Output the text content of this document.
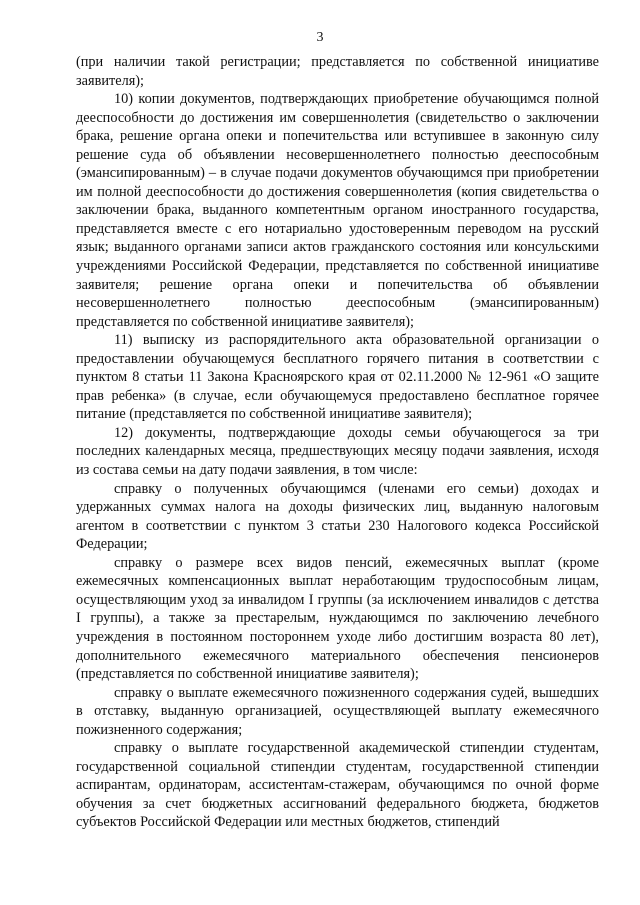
3

(при наличии такой регистрации; представляется по собственной инициативе заявителя);

10) копии документов, подтверждающих приобретение обучающимся полной дееспособности до достижения им совершеннолетия (свидетельство о заключении брака, решение органа опеки и попечительства или вступившее в законную силу решение суда об объявлении несовершеннолетнего полностью дееспособным (эмансипированным) – в случае подачи документов обучающимся при приобретении им полной дееспособности до достижения совершеннолетия (копия свидетельства о заключении брака, выданного компетентным органом иностранного государства, представляется вместе с его нотариально удостоверенным переводом на русский язык; выданного органами записи актов гражданского состояния или консульскими учреждениями Российской Федерации, представляется по собственной инициативе заявителя; решение органа опеки и попечительства об объявлении несовершеннолетнего полностью дееспособным (эмансипированным) представляется по собственной инициативе заявителя);

11) выписку из распорядительного акта образовательной организации о предоставлении обучающемуся бесплатного горячего питания в соответствии с пунктом 8 статьи 11 Закона Красноярского края от 02.11.2000 № 12-961 «О защите прав ребенка» (в случае, если обучающемуся предоставлено бесплатное горячее питание (представляется по собственной инициативе заявителя);

12) документы, подтверждающие доходы семьи обучающегося за три последних календарных месяца, предшествующих месяцу подачи заявления, исходя из состава семьи на дату подачи заявления, в том числе:

справку о полученных обучающимся (членами его семьи) доходах и удержанных суммах налога на доходы физических лиц, выданную налоговым агентом в соответствии с пунктом 3 статьи 230 Налогового кодекса Российской Федерации;

справку о размере всех видов пенсий, ежемесячных выплат (кроме ежемесячных компенсационных выплат неработающим трудоспособным лицам, осуществляющим уход за инвалидом I группы (за исключением инвалидов с детства I группы), а также за престарелым, нуждающимся по заключению лечебного учреждения в постоянном постороннем уходе либо достигшим возраста 80 лет), дополнительного ежемесячного материального обеспечения пенсионеров (представляется по собственной инициативе заявителя);

справку о выплате ежемесячного пожизненного содержания судей, вышедших в отставку, выданную организацией, осуществляющей выплату ежемесячного пожизненного содержания;

справку о выплате государственной академической стипендии студентам, государственной социальной стипендии студентам, государственной стипендии аспирантам, ординаторам, ассистентам-стажерам, обучающимся по очной форме обучения за счет бюджетных ассигнований федерального бюджета, бюджетов субъектов Российской Федерации или местных бюджетов, стипендий
